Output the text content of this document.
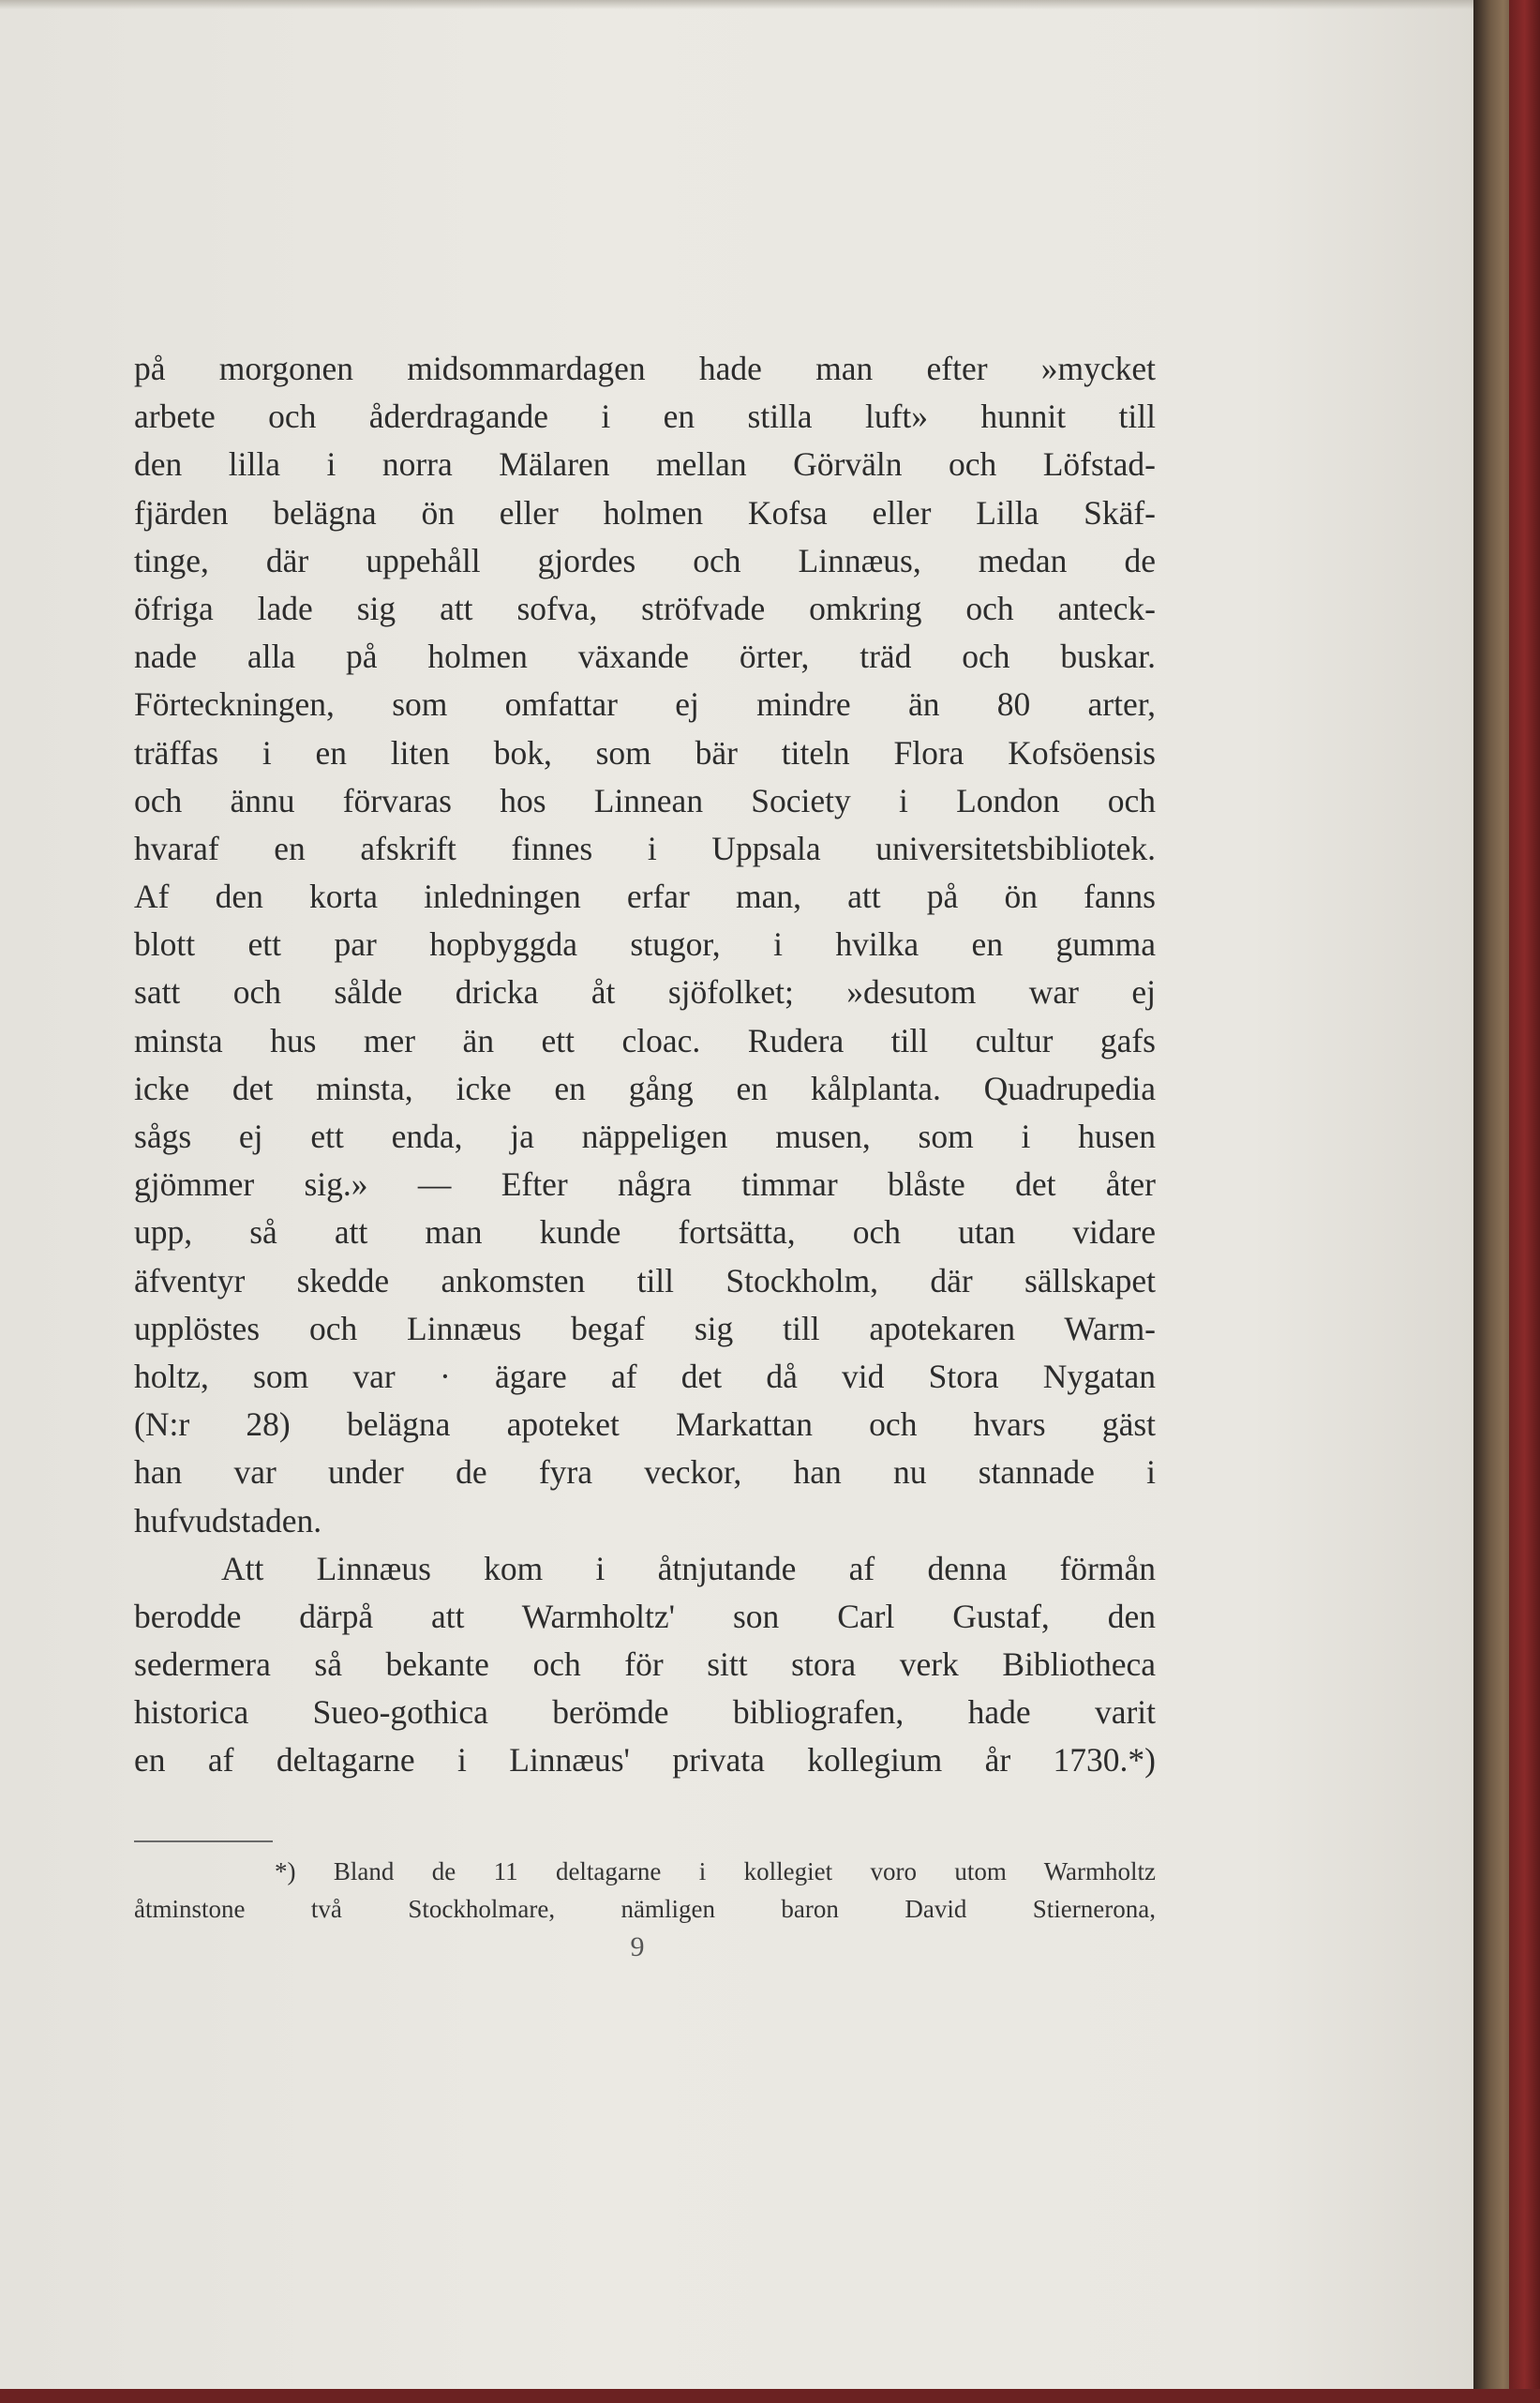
på morgonen midsommardagen hade man efter »mycket
arbete och åderdragande i en stilla luft» hunnit till
den lilla i norra Mälaren mellan Görväln och Löfstad-
fjärden belägna ön eller holmen Kofsa eller Lilla Skäf-
tinge, där uppehåll gjordes och Linnæus, medan de
öfriga lade sig att sofva, ströfvade omkring och anteck-
nade alla på holmen växande örter, träd och buskar.
Förteckningen, som omfattar ej mindre än 80 arter,
träffas i en liten bok, som bär titeln Flora Kofsöensis
och ännu förvaras hos Linnean Society i London och
hvaraf en afskrift finnes i Uppsala universitetsbibliotek.
Af den korta inledningen erfar man, att på ön fanns
blott ett par hopbyggda stugor, i hvilka en gumma
satt och sålde dricka åt sjöfolket; »desutom war ej
minsta hus mer än ett cloac. Rudera till cultur gafs
icke det minsta, icke en gång en kålplanta. Quadrupedia
sågs ej ett enda, ja näppeligen musen, som i husen
gjömmer sig.» — Efter några timmar blåste det åter
upp, så att man kunde fortsätta, och utan vidare
äfventyr skedde ankomsten till Stockholm, där sällskapet
upplöstes och Linnæus begaf sig till apotekaren Warm-
holtz, som var · ägare af det då vid Stora Nygatan
(N:r 28) belägna apoteket Markattan och hvars gäst
han var under de fyra veckor, han nu stannade i
hufvudstaden.
Att Linnæus kom i åtnjutande af denna förmån
berodde därpå att Warmholtz' son Carl Gustaf, den
sedermera så bekante och för sitt stora verk Bibliotheca
historica Sueo-gothica berömde bibliografen, hade varit
en af deltagarne i Linnæus' privata kollegium år 1730.*)
*) Bland de 11 deltagarne i kollegiet voro utom Warmholtz
åtminstone två Stockholmare, nämligen baron David Stiernerona,
9
